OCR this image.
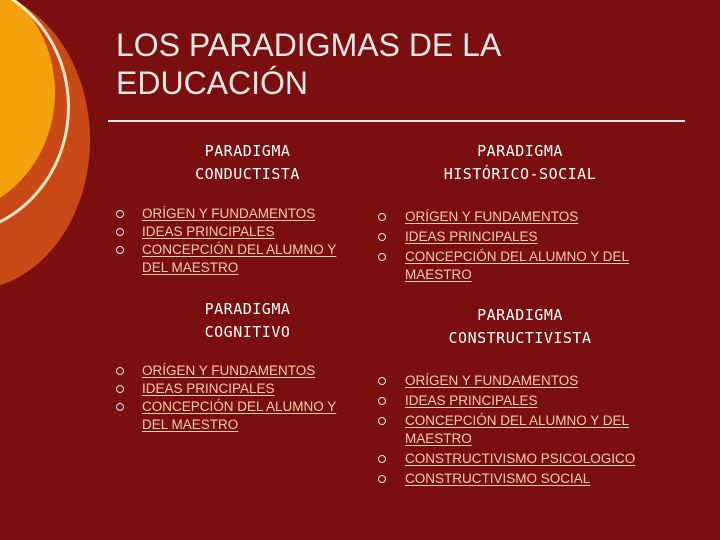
LOS PARADIGMAS DE LA EDUCACIÓN
PARADIGMA
CONDUCTISTA
ORÍGEN Y FUNDAMENTOS
IDEAS PRINCIPALES
CONCEPCIÓN DEL ALUMNO Y DEL MAESTRO
PARADIGMA
HISTÓRICO-SOCIAL
ORÍGEN Y FUNDAMENTOS
IDEAS PRINCIPALES
CONCEPCIÓN DEL ALUMNO Y DEL MAESTRO
PARADIGMA
COGNITIVO
ORÍGEN Y FUNDAMENTOS
IDEAS PRINCIPALES
CONCEPCIÓN DEL ALUMNO Y DEL MAESTRO
PARADIGMA
CONSTRUCTIVISTA
ORÍGEN Y FUNDAMENTOS
IDEAS PRINCIPALES
CONCEPCIÓN DEL ALUMNO Y DEL MAESTRO
CONSTRUCTIVISMO PSICOLOGICO
CONSTRUCTIVISMO SOCIAL
